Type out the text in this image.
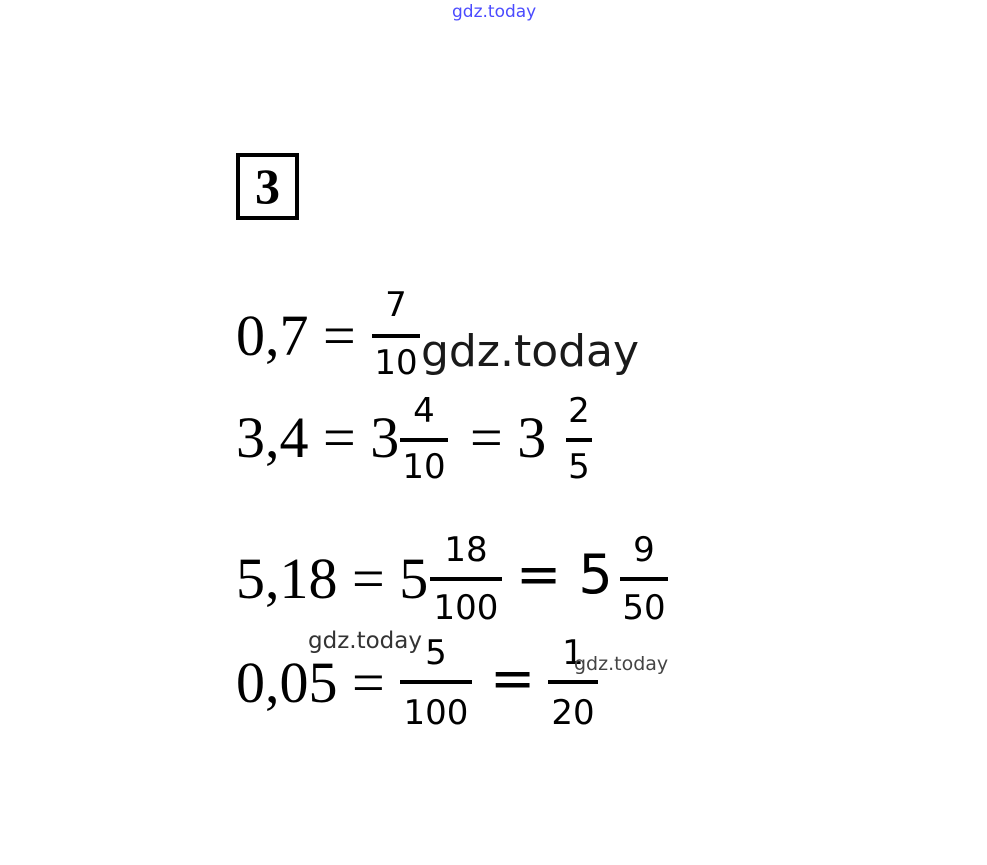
gdz.today
3
0,7 = 7
10 gdz.today
3,4 = 3 4
10 = 3 2
5
5,18 = 5 18
100
= 5 9
50
gdz.today
0,05 =	5
100
= 1
20
gdz.today
